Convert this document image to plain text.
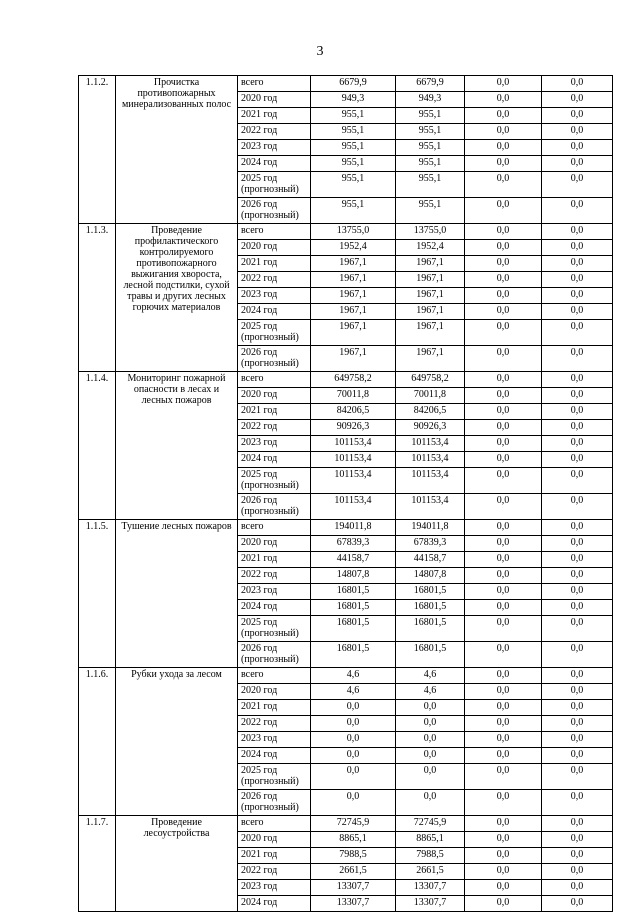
3
1.1.2.	Прочистка противопожарных минерализованных полос	всего	6679,9	6679,9	0,0	0,0
		2020 год	949,3	949,3	0,0	0,0
		2021 год	955,1	955,1	0,0	0,0
		2022 год	955,1	955,1	0,0	0,0
		2023 год	955,1	955,1	0,0	0,0
		2024 год	955,1	955,1	0,0	0,0
		2025 год (прогнозный)	955,1	955,1	0,0	0,0
		2026 год (прогнозный)	955,1	955,1	0,0	0,0
1.1.3.	Проведение профилактического контролируемого противопожарного выжигания хвороста, лесной подстилки, сухой травы и других лесных горючих материалов	всего	13755,0	13755,0	0,0	0,0
		2020 год	1952,4	1952,4	0,0	0,0
		2021 год	1967,1	1967,1	0,0	0,0
		2022 год	1967,1	1967,1	0,0	0,0
		2023 год	1967,1	1967,1	0,0	0,0
		2024 год	1967,1	1967,1	0,0	0,0
		2025 год (прогнозный)	1967,1	1967,1	0,0	0,0
		2026 год (прогнозный)	1967,1	1967,1	0,0	0,0
1.1.4.	Мониторинг пожарной опасности в лесах и лесных пожаров	всего	649758,2	649758,2	0,0	0,0
		2020 год	70011,8	70011,8	0,0	0,0
		2021 год	84206,5	84206,5	0,0	0,0
		2022 год	90926,3	90926,3	0,0	0,0
		2023 год	101153,4	101153,4	0,0	0,0
		2024 год	101153,4	101153,4	0,0	0,0
		2025 год (прогнозный)	101153,4	101153,4	0,0	0,0
		2026 год (прогнозный)	101153,4	101153,4	0,0	0,0
1.1.5.	Тушение лесных пожаров	всего	194011,8	194011,8	0,0	0,0
		2020 год	67839,3	67839,3	0,0	0,0
		2021 год	44158,7	44158,7	0,0	0,0
		2022 год	14807,8	14807,8	0,0	0,0
		2023 год	16801,5	16801,5	0,0	0,0
		2024 год	16801,5	16801,5	0,0	0,0
		2025 год (прогнозный)	16801,5	16801,5	0,0	0,0
		2026 год (прогнозный)	16801,5	16801,5	0,0	0,0
1.1.6.	Рубки ухода за лесом	всего	4,6	4,6	0,0	0,0
		2020 год	4,6	4,6	0,0	0,0
		2021 год	0,0	0,0	0,0	0,0
		2022 год	0,0	0,0	0,0	0,0
		2023 год	0,0	0,0	0,0	0,0
		2024 год	0,0	0,0	0,0	0,0
		2025 год (прогнозный)	0,0	0,0	0,0	0,0
		2026 год (прогнозный)	0,0	0,0	0,0	0,0
1.1.7.	Проведение лесоустройства	всего	72745,9	72745,9	0,0	0,0
		2020 год	8865,1	8865,1	0,0	0,0
		2021 год	7988,5	7988,5	0,0	0,0
		2022 год	2661,5	2661,5	0,0	0,0
		2023 год	13307,7	13307,7	0,0	0,0
		2024 год	13307,7	13307,7	0,0	0,0
